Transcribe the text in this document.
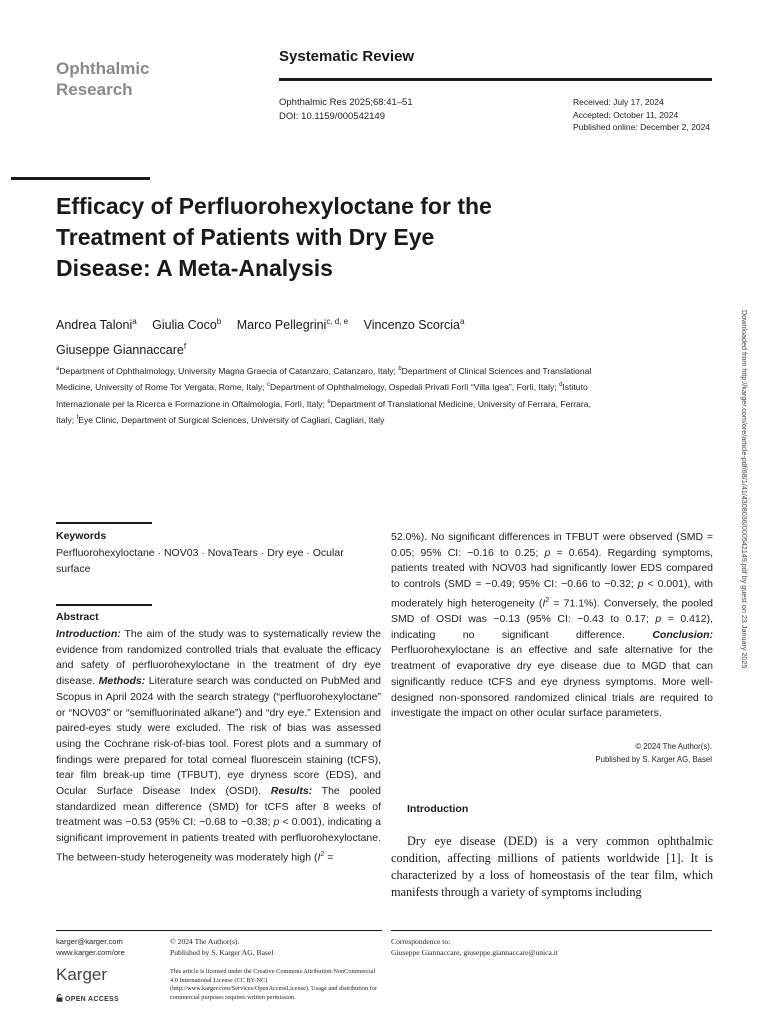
Ophthalmic
Research
Systematic Review
Ophthalmic Res 2025;68:41–51
DOI: 10.1159/000542149
Received: July 17, 2024
Accepted: October 11, 2024
Published online: December 2, 2024
Efficacy of Perfluorohexyloctane for the
Treatment of Patients with Dry Eye
Disease: A Meta-Analysis
Andrea Taloni$^a$ Giulia Coco$^b$ Marco Pellegrini$^{c, d, e}$ Vincenzo Scorcia$^a$
Giuseppe Giannaccare$^f$
$^a$Department of Ophthalmology, University Magna Graecia of Catanzaro, Catanzaro, Italy; $^b$Department of Clinical Sciences and Translational Medicine, University of Rome Tor Vergata, Rome, Italy; $^c$Department of Ophthalmology, Ospedali Privati Forlì “Villa Igea”, Forlì, Italy; $^d$Istituto Internazionale per la Ricerca e Formazione in Oftalmologia, Forlì, Italy; $^e$Department of Translational Medicine, University of Ferrara, Ferrara, Italy; $^f$Eye Clinic, Department of Surgical Sciences, University of Cagliari, Cagliari, Italy	Downloaded from http://karger.com/ore/article-pdf/68/1/41/4308036/000542149.pdf by guest on 23 January 2025
Keywords
Perfluorohexyloctane · NOV03 · NovaTears · Dry eye · Ocular surface
Abstract
Introduction: The aim of the study was to systematically review the evidence from randomized controlled trials that evaluate the efficacy and safety of perfluorohexyloctane in the treatment of dry eye disease. Methods: Literature search was conducted on PubMed and Scopus in April 2024 with the search strategy (“perfluorohexyloctane” or “NOV03” or “semifluorinated alkane”) and “dry eye.” Extension and paired-eyes study were excluded. The risk of bias was assessed using the Cochrane risk-of-bias tool. Forest plots and a summary of findings were prepared for total corneal fluorescein staining (tCFS), tear film break-up time (TFBUT), eye dryness score (EDS), and Ocular Surface Disease Index (OSDI). Results: The pooled standardized mean difference (SMD) for tCFS after 8 weeks of treatment was −0.53 (95% CI: −0.68 to −0.38; p < 0.001), indicating a significant improvement in patients treated with perfluorohexyloctane. The between-study heterogeneity was moderately high ($I^2$ =
52.0%). No significant differences in TFBUT were observed (SMD = 0.05; 95% CI: −0.16 to 0.25; p = 0.654). Regarding symptoms, patients treated with NOV03 had significantly lower EDS compared to controls (SMD = −0.49; 95% CI: −0.66 to −0.32; p < 0.001), with moderately high heterogeneity $(I^2 = 71.1\%)$. Conversely, the pooled SMD of OSDI was −0.13 (95% CI: −0.43 to 0.17; p = 0.412), indicating no significant difference. Conclusion: Perfluorohexyloctane is an effective and safe alternative for the treatment of evaporative dry eye disease due to MGD that can significantly reduce tCFS and eye dryness symptoms. More well-designed non-sponsored randomized clinical trials are required to investigate the impact on other ocular surface parameters.
© 2024 The Author(s).
Published by S. Karger AG, Basel
Introduction
Dry eye disease (DED) is a very common ophthalmic condition, affecting millions of patients worldwide [1]. It is characterized by a loss of homeostasis of the tear film, which manifests through a variety of symptoms including
karger@karger.com
www.karger.com/ore
© 2024 The Author(s).
Published by S. Karger AG, Basel
This article is licensed under the Creative Commons Attribution-NonCommercial 4.0 International License (CC BY-NC) (http://www.karger.com/Services/OpenAccessLicense). Usage and distribution for commercial purposes requires written permission.
Correspondence to:
Giuseppe Giannaccare, giuseppe.giannaccare@unica.it
Karger
OPEN ACCESS
